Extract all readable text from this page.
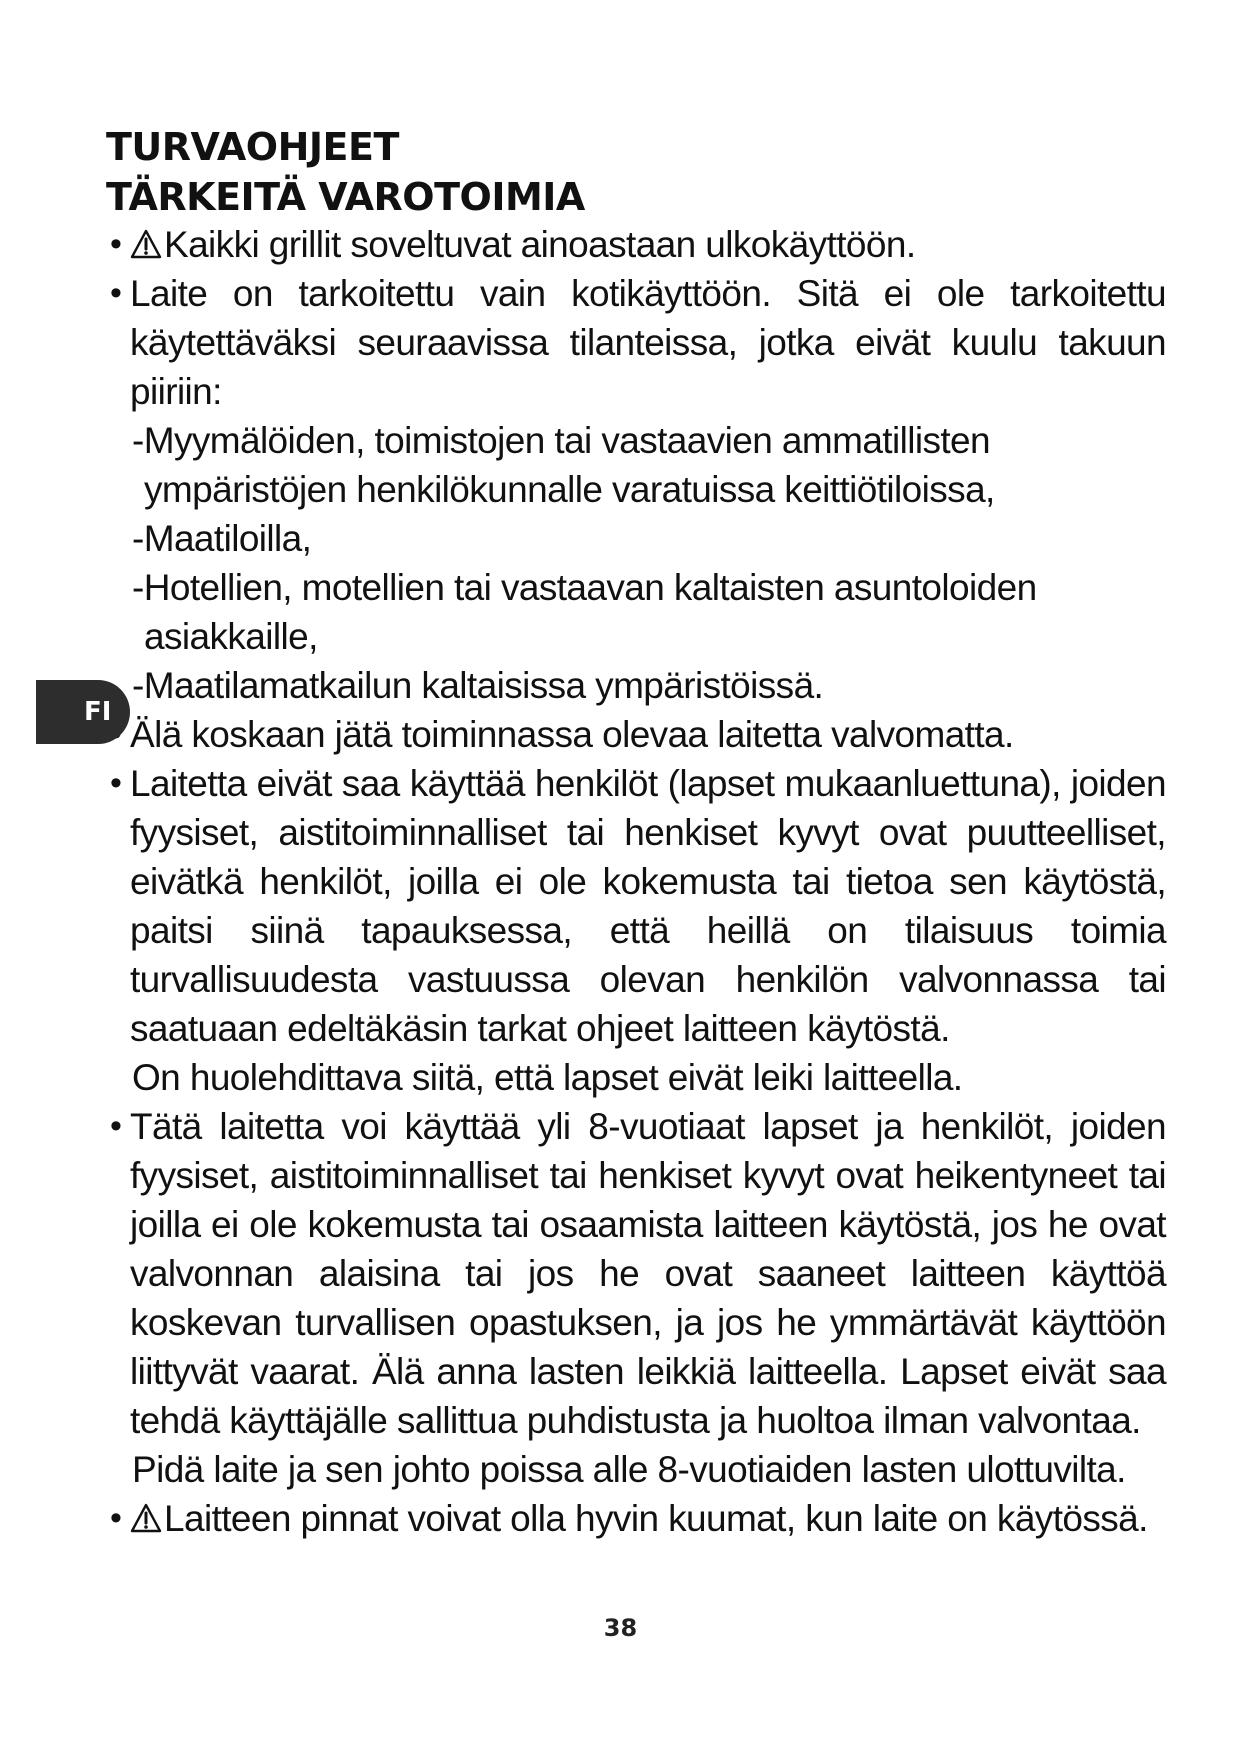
TURVAOHJEET
TÄRKEITÄ VAROTOIMIA
• Kaikki grillit soveltuvat ainoastaan ulkokäyttöön.
• Laite on tarkoitettu vain kotikäyttöön. Sitä ei ole tarkoitettu käytettäväksi seuraavissa tilanteissa, jotka eivät kuulu takuun piiriin:
-Myymälöiden, toimistojen tai vastaavien ammatillisten ympäristöjen henkilökunnalle varatuissa keittiötiloissa,
-Maatiloilla,
-Hotellien, motellien tai vastaavan kaltaisten asuntoloiden asiakkaille,
-Maatilamatkailun kaltaisissa ympäristöissä.
Älä koskaan jätä toiminnassa olevaa laitetta valvomatta.
• Laitetta eivät saa käyttää henkilöt (lapset mukaanluettuna), joiden fyysiset, aistitoiminnalliset tai henkiset kyvyt ovat puutteelliset, eivätkä henkilöt, joilla ei ole kokemusta tai tietoa sen käytöstä, paitsi siinä tapauksessa, että heillä on tilaisuus toimia turvallisuudesta vastuussa olevan henkilön valvonnassa tai saatuaan edeltäkäsin tarkat ohjeet laitteen käytöstä.
On huolehdittava siitä, että lapset eivät leiki laitteella.
• Tätä laitetta voi käyttää yli 8-vuotiaat lapset ja henkilöt, joiden fyysiset, aistitoiminnalliset tai henkiset kyvyt ovat heikentyneet tai joilla ei ole kokemusta tai osaamista laitteen käytöstä, jos he ovat valvonnan alaisina tai jos he ovat saaneet laitteen käyttöä koskevan turvallisen opastuksen, ja jos he ymmärtävät käyttöön liittyvät vaarat. Älä anna lasten leikkiä laitteella. Lapset eivät saa tehdä käyttäjälle sallittua puhdistusta ja huoltoa ilman valvontaa.
Pidä laite ja sen johto poissa alle 8-vuotiaiden lasten ulottuvilta.
• Laitteen pinnat voivat olla hyvin kuumat, kun laite on käytössä.
FI
38
